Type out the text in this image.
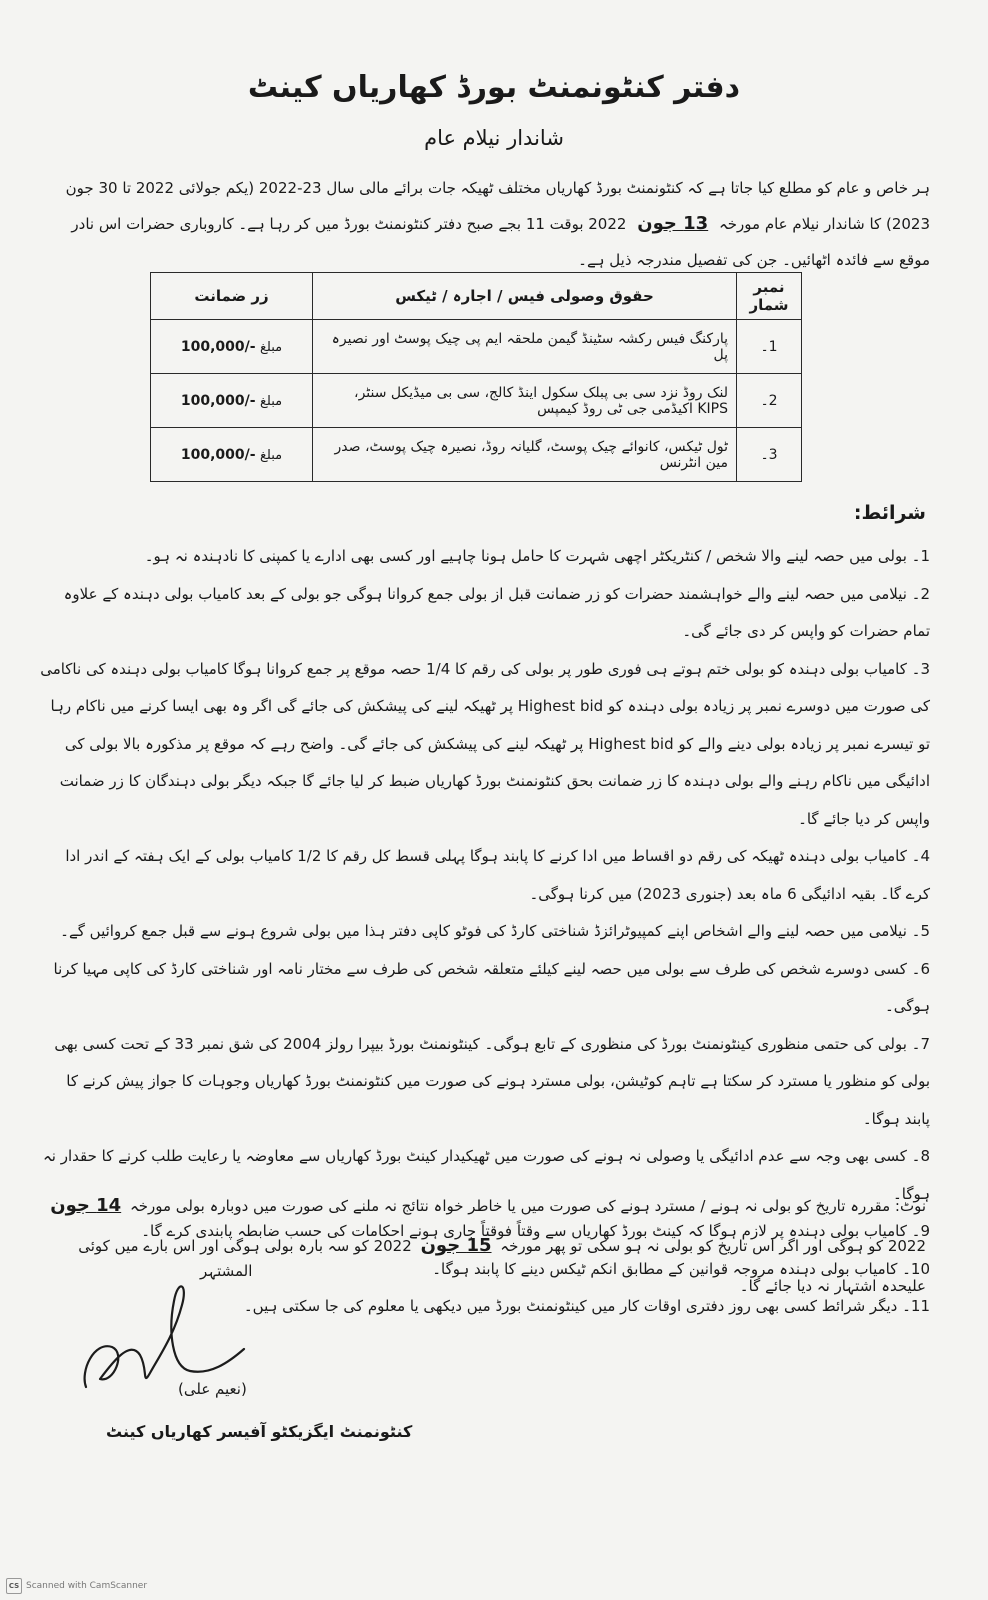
دفتر کنٹونمنٹ بورڈ کھاریاں کینٹ
شاندار نیلام عام
ہر خاص و عام کو مطلع کیا جاتا ہے کہ کنٹونمنٹ بورڈ کھاریاں مختلف ٹھیکہ جات برائے مالی سال 23-2022 (یکم جولائی 2022 تا 30 جون 2023) کا شاندار نیلام عام مورخہ 13 جون 2022 بوقت 11 بجے صبح دفتر کنٹونمنٹ بورڈ میں کر رہا ہے۔ کاروباری حضرات اس نادر موقع سے فائدہ اٹھائیں۔ جن کی تفصیل مندرجہ ذیل ہے۔
نمبر شمار	حقوق وصولی فیس / اجارہ / ٹیکس	زر ضمانت
1۔	پارکنگ فیس رکشہ سٹینڈ گیمن ملحقہ ایم پی چیک پوسٹ اور نصیرہ پل	مبلغ 100,000/-
2۔	لنک روڈ نزد سی بی پبلک سکول اینڈ کالج، سی بی میڈیکل سنٹر، KIPS اکیڈمی جی ٹی روڈ کیمپس	مبلغ 100,000/-
3۔	ٹول ٹیکس، کانوائے چیک پوسٹ، گلیانہ روڈ، نصیرہ چیک پوسٹ، صدر مین انٹرنس	مبلغ 100,000/-
شرائط:

1۔ بولی میں حصہ لینے والا شخص / کنٹریکٹر اچھی شہرت کا حامل ہونا چاہیے اور کسی بھی ادارے یا کمپنی کا نادہندہ نہ ہو۔

2۔ نیلامی میں حصہ لینے والے خواہشمند حضرات کو زر ضمانت قبل از بولی جمع کروانا ہوگی جو بولی کے بعد کامیاب بولی دہندہ کے علاوہ تمام حضرات کو واپس کر دی جائے گی۔

3۔ کامیاب بولی دہندہ کو بولی ختم ہوتے ہی فوری طور پر بولی کی رقم کا 1/4 حصہ موقع پر جمع کروانا ہوگا کامیاب بولی دہندہ کی ناکامی کی صورت میں دوسرے نمبر پر زیادہ بولی دہندہ کو Highest bid پر ٹھیکہ لینے کی پیشکش کی جائے گی اگر وہ بھی ایسا کرنے میں ناکام رہا تو تیسرے نمبر پر زیادہ بولی دینے والے کو Highest bid پر ٹھیکہ لینے کی پیشکش کی جائے گی۔ واضح رہے کہ موقع پر مذکورہ بالا بولی کی ادائیگی میں ناکام رہنے والے بولی دہندہ کا زر ضمانت بحق کنٹونمنٹ بورڈ کھاریاں ضبط کر لیا جائے گا جبکہ دیگر بولی دہندگان کا زر ضمانت واپس کر دیا جائے گا۔

4۔ کامیاب بولی دہندہ ٹھیکہ کی رقم دو اقساط میں ادا کرنے کا پابند ہوگا پہلی قسط کل رقم کا 1/2 کامیاب بولی کے ایک ہفتہ کے اندر ادا کرے گا۔ بقیہ ادائیگی 6 ماہ بعد (جنوری 2023) میں کرنا ہوگی۔

5۔ نیلامی میں حصہ لینے والے اشخاص اپنے کمپیوٹرائزڈ شناختی کارڈ کی فوٹو کاپی دفتر ہذا میں بولی شروع ہونے سے قبل جمع کروائیں گے۔

6۔ کسی دوسرے شخص کی طرف سے بولی میں حصہ لینے کیلئے متعلقہ شخص کی طرف سے مختار نامہ اور شناختی کارڈ کی کاپی مہیا کرنا ہوگی۔

7۔ بولی کی حتمی منظوری کینٹونمنٹ بورڈ کی منظوری کے تابع ہوگی۔ کینٹونمنٹ بورڈ بیپرا رولز 2004 کی شق نمبر 33 کے تحت کسی بھی بولی کو منظور یا مسترد کر سکتا ہے تاہم کوٹیشن، بولی مسترد ہونے کی صورت میں کنٹونمنٹ بورڈ کھاریاں وجوہات کا جواز پیش کرنے کا پابند ہوگا۔

8۔ کسی بھی وجہ سے عدم ادائیگی یا وصولی نہ ہونے کی صورت میں ٹھیکیدار کینٹ بورڈ کھاریاں سے معاوضہ یا رعایت طلب کرنے کا حقدار نہ ہوگا۔

9۔ کامیاب بولی دہندہ پر لازم ہوگا کہ کینٹ بورڈ کھاریاں سے وقتاً فوقتاً جاری ہونے احکامات کی حسب ضابطہ پابندی کرے گا۔

10۔ کامیاب بولی دہندہ مروجہ قوانین کے مطابق انکم ٹیکس دینے کا پابند ہوگا۔

11۔ دیگر شرائط کسی بھی روز دفتری اوقات کار میں کینٹونمنٹ بورڈ میں دیکھی یا معلوم کی جا سکتی ہیں۔

نوٹ: مقررہ تاریخ کو بولی نہ ہونے / مسترد ہونے کی صورت میں یا خاطر خواہ نتائج نہ ملنے کی صورت میں دوبارہ بولی مورخہ 14 جون 2022 کو ہوگی اور اگر اس تاریخ کو بولی نہ ہو سکی تو پھر مورخہ 15 جون 2022 کو سہ بارہ بولی ہوگی اور اس بارے میں کوئی علیحدہ اشتہار نہ دیا جائے گا۔
المشتہر
(نعیم علی)
کنٹونمنٹ ایگزیکٹو آفیسر کھاریاں کینٹ
CS Scanned with CamScanner
